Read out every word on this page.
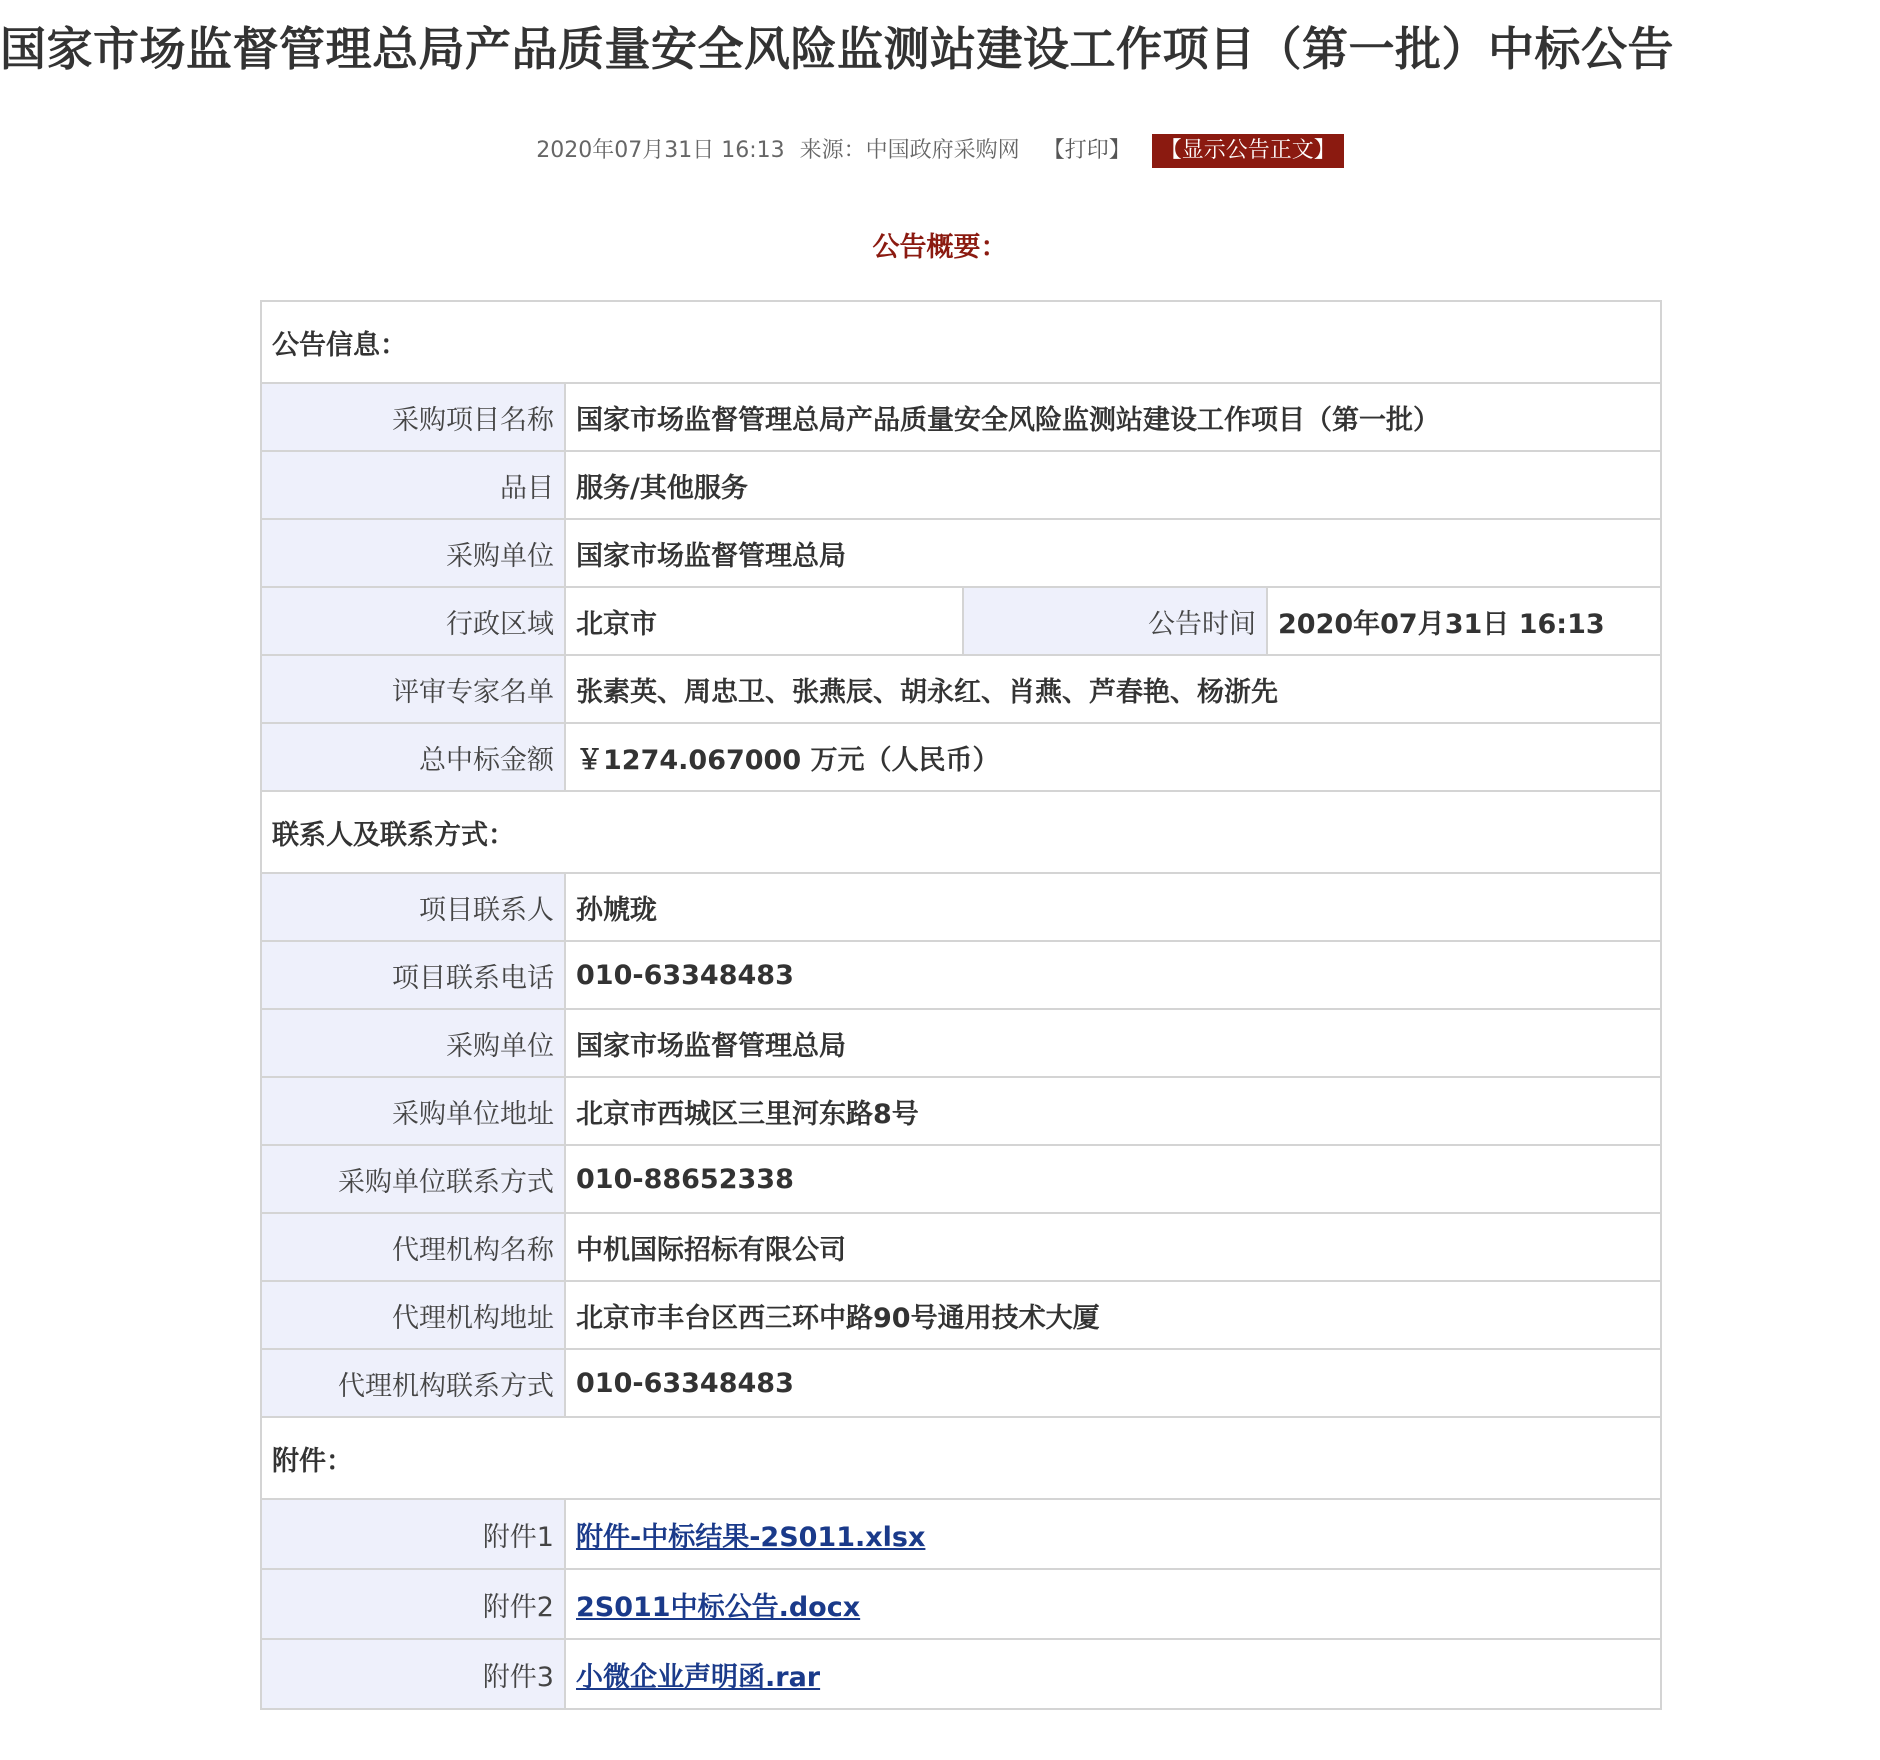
国家市场监督管理总局产品质量安全风险监测站建设工作项目（第一批）中标公告
2020年07月31日 16:13 来源：中国政府采购网 【打印】 【显示公告正文】
公告概要：
公告信息：			
采购项目名称	国家市场监督管理总局产品质量安全风险监测站建设工作项目（第一批）		
品目	服务/其他服务		
采购单位	国家市场监督管理总局		
行政区域	北京市	公告时间	2020年07月31日 16:13
评审专家名单	张素英、周忠卫、张燕辰、胡永红、肖燕、芦春艳、杨浙先		
总中标金额	￥1274.067000 万元（人民币）		
联系人及联系方式：			
项目联系人	孙虓珑		
项目联系电话	010-63348483		
采购单位	国家市场监督管理总局		
采购单位地址	北京市西城区三里河东路8号		
采购单位联系方式	010-88652338		
代理机构名称	中机国际招标有限公司		
代理机构地址	北京市丰台区西三环中路90号通用技术大厦		
代理机构联系方式	010-63348483		
附件：			
附件1	附件-中标结果-2S011.xlsx		
附件2	2S011中标公告.docx		
附件3	小微企业声明函.rar		
